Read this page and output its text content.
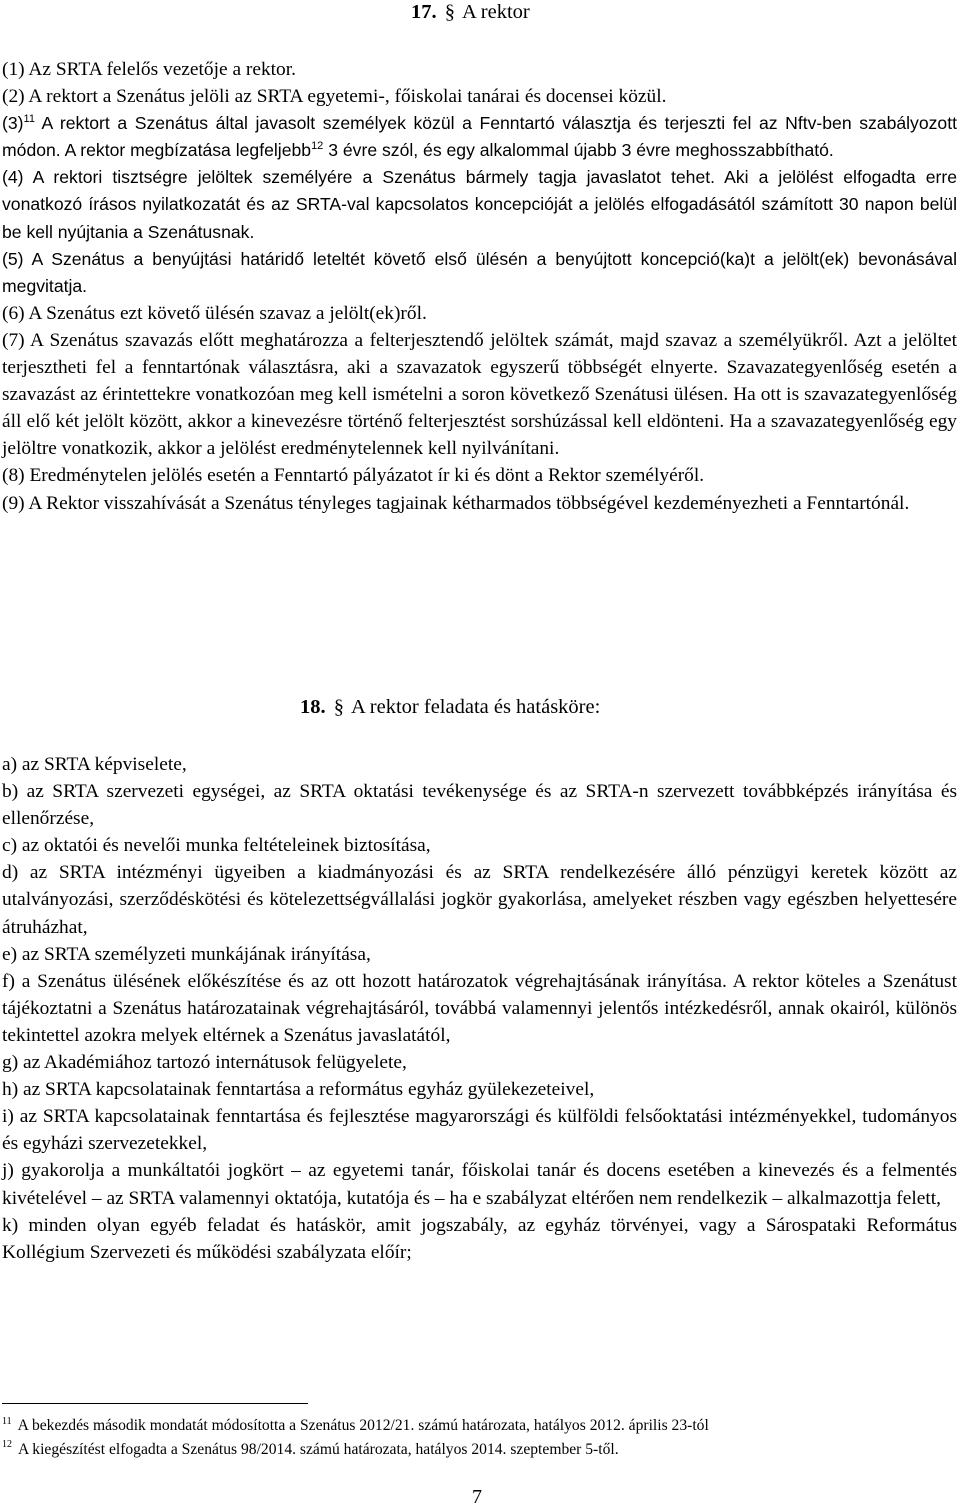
17. § A rektor

(1) Az SRTA felelős vezetője a rektor.

(2) A rektort a Szenátus jelöli az SRTA egyetemi-, főiskolai tanárai és docensei közül.

$(3)^{11}$ A rektort a Szenátus által javasolt személyek közül a Fenntartó választja és terjeszti fel az Nftv-ben szabályozott módon. A rektor megbízatása legfeljebb$^{12}$ 3 évre szól, és egy alkalommal újabb 3 évre meghosszabbítható.

(4) A rektori tisztségre jelöltek személyére a Szenátus bármely tagja javaslatot tehet. Aki a jelölést elfogadta erre vonatkozó írásos nyilatkozatát és az SRTA-val kapcsolatos koncepcióját a jelölés elfogadásától számított 30 napon belül be kell nyújtania a Szenátusnak.

(5) A Szenátus a benyújtási határidő leteltét követő első ülésén a benyújtott koncepció(ka)t a jelölt(ek) bevonásával megvitatja.

(6) A Szenátus ezt követő ülésén szavaz a jelölt(ek)ről.

(7) A Szenátus szavazás előtt meghatározza a felterjesztendő jelöltek számát, majd szavaz a személyükről. Azt a jelöltet terjesztheti fel a fenntartónak választásra, aki a szavazatok egyszerű többségét elnyerte. Szavazategyenlőség esetén a szavazást az érintettekre vonatkozóan meg kell ismételni a soron következő Szenátusi ülésen. Ha ott is szavazategyenlőség áll elő két jelölt között, akkor a kinevezésre történő felterjesztést sorshúzással kell eldönteni. Ha a szavazategyenlőség egy jelöltre vonatkozik, akkor a jelölést eredménytelennek kell nyilvánítani.

(8) Eredménytelen jelölés esetén a Fenntartó pályázatot ír ki és dönt a Rektor személyéről.

(9) A Rektor visszahívását a Szenátus tényleges tagjainak kétharmados többségével kezdeményezheti a Fenntartónál.

18. § A rektor feladata és hatásköre:

a) az SRTA képviselete,

b) az SRTA szervezeti egységei, az SRTA oktatási tevékenysége és az SRTA-n szervezett továbbképzés irányítása és ellenőrzése,

c) az oktatói és nevelői munka feltételeinek biztosítása,

d) az SRTA intézményi ügyeiben a kiadmányozási és az SRTA rendelkezésére álló pénzügyi keretek között az utalványozási, szerződéskötési és kötelezettségvállalási jogkör gyakorlása, amelyeket részben vagy egészben helyettesére átruházhat,

e) az SRTA személyzeti munkájának irányítása,

f) a Szenátus ülésének előkészítése és az ott hozott határozatok végrehajtásának irányítása. A rektor köteles a Szenátust tájékoztatni a Szenátus határozatainak végrehajtásáról, továbbá valamennyi jelentős intézkedésről, annak okairól, különös tekintettel azokra melyek eltérnek a Szenátus javaslatától,

g) az Akadémiához tartozó internátusok felügyelete,

h) az SRTA kapcsolatainak fenntartása a református egyház gyülekezeteivel,

i) az SRTA kapcsolatainak fenntartása és fejlesztése magyarországi és külföldi felsőoktatási intézményekkel, tudományos és egyházi szervezetekkel,

j) gyakorolja a munkáltatói jogkört – az egyetemi tanár, főiskolai tanár és docens esetében a kinevezés és a felmentés kivételével – az SRTA valamennyi oktatója, kutatója és – ha e szabályzat eltérően nem rendelkezik – alkalmazottja felett,

k) minden olyan egyéb feladat és hatáskör, amit jogszabály, az egyház törvényei, vagy a Sárospataki Református Kollégium Szervezeti és működési szabályzata előír;

$^{11}$ A bekezdés második mondatát módosította a Szenátus 2012/21. számú határozata, hatályos 2012. április 23-tól

$^{12}$ A kiegészítést elfogadta a Szenátus 98/2014. számú határozata, hatályos 2014. szeptember 5-től.

7
